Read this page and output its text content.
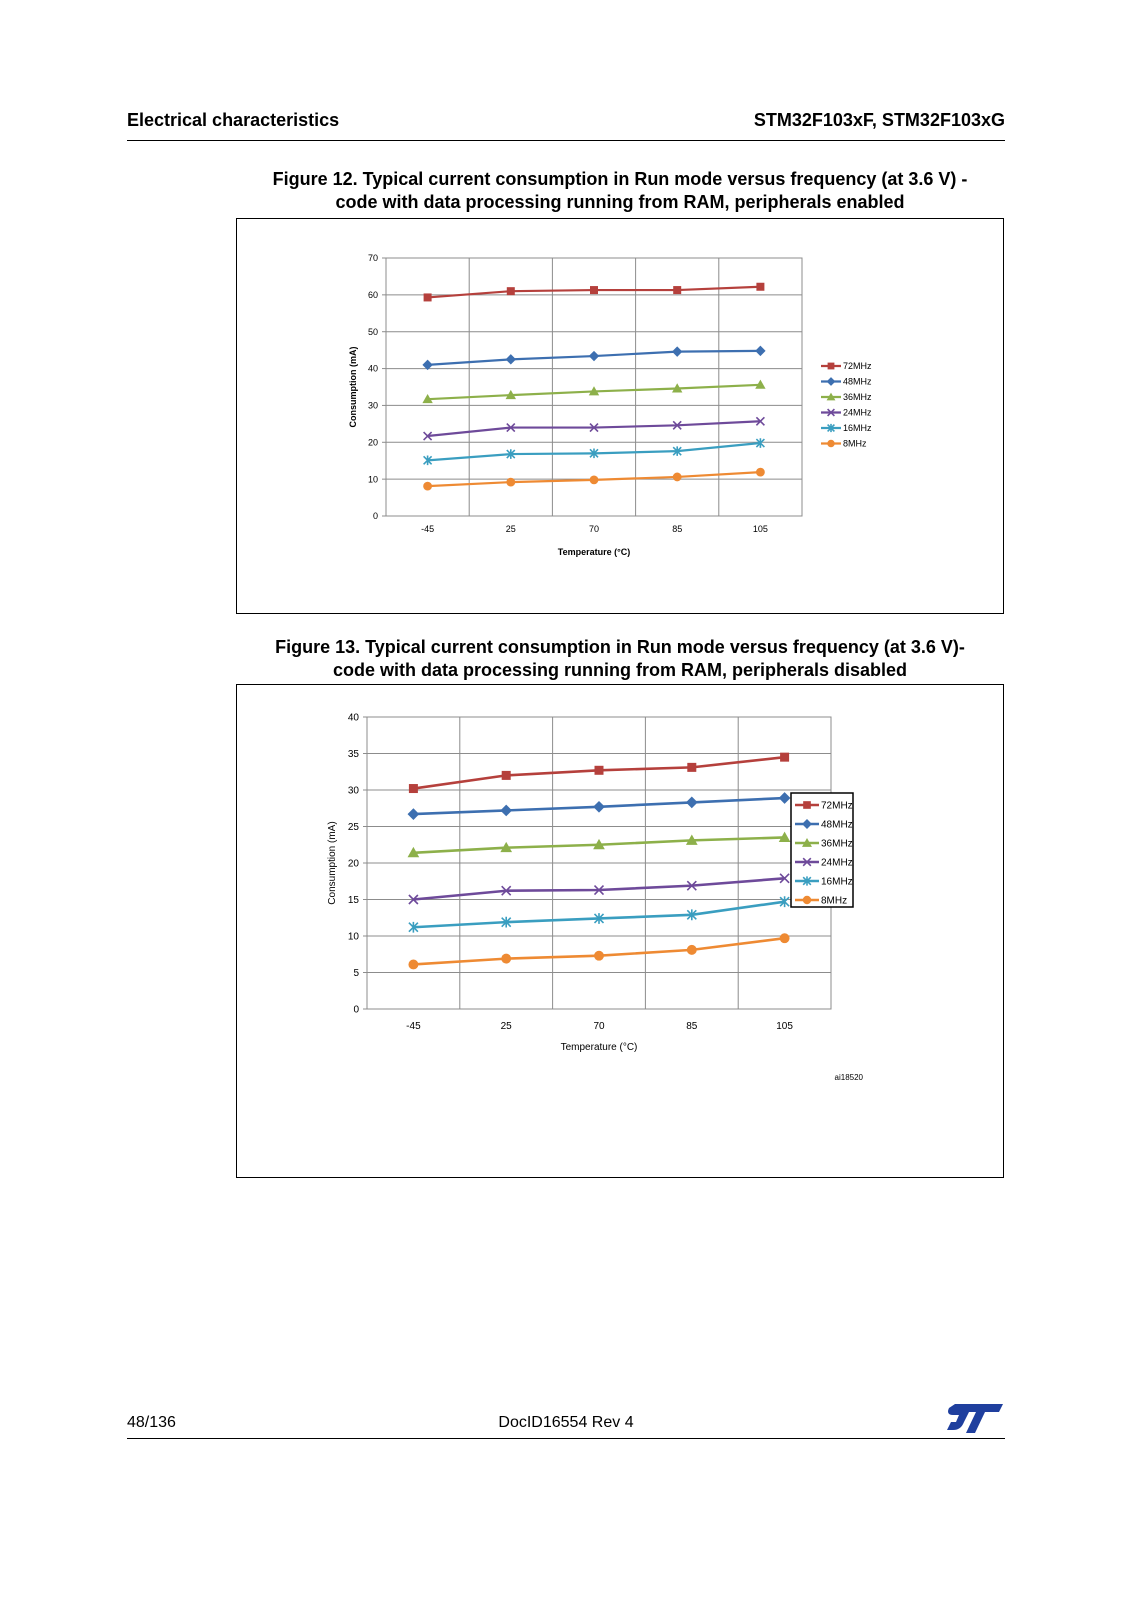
Electrical characteristics	STM32F103xF, STM32F103xG
Figure 12. Typical current consumption in Run mode versus frequency (at 3.6 V) -
code with data processing running from RAM, peripherals enabled
0
10
20
30
40
50
60
70
-45	25	70	85	105
Temperature (°C)
Consumption (mA)	72MHz
48MHz
36MHz
24MHz
16MHz
8MHz
Figure 13. Typical current consumption in Run mode versus frequency (at 3.6 V)-
code with data processing running from RAM, peripherals disabled
0
5
10
15
20
25
30
35
40
-45	25	70	85	105
Temperature (°C)
Consumption (mA)
72MHz
48MHz
36MHz
24MHz
16MHz
8MHz
ai18520
48/136	DocID16554 Rev 4
